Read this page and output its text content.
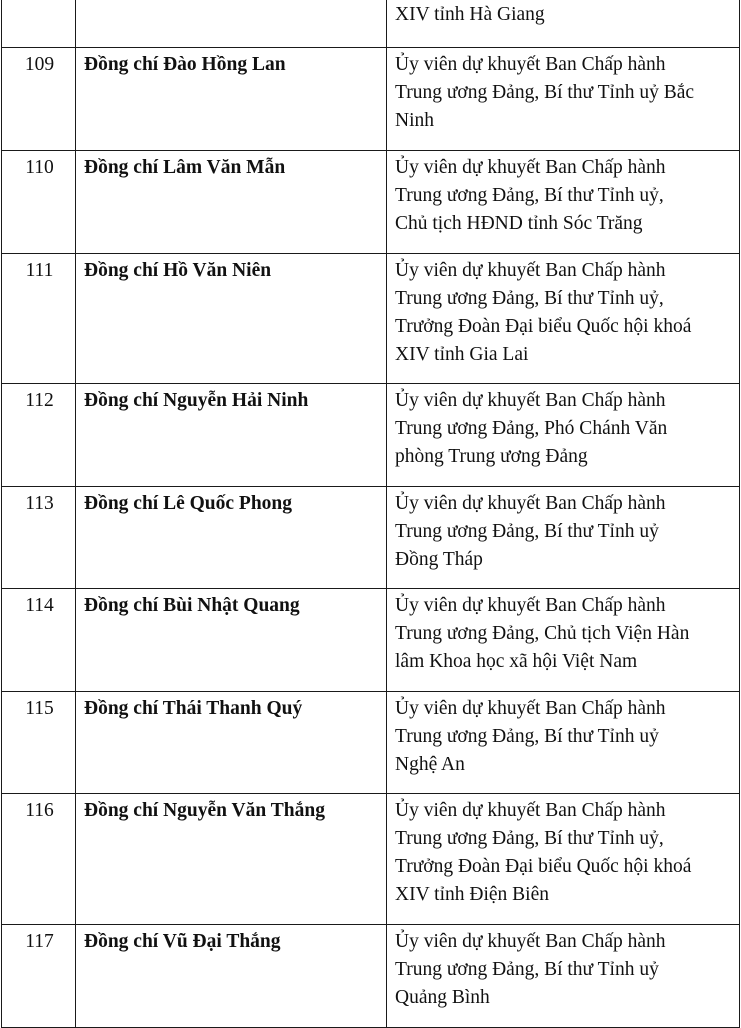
		XIV tỉnh Hà Giang

109	Đồng chí Đào Hồng Lan	Ủy viên dự khuyết Ban Chấp hành
Trung ương Đảng, Bí thư Tỉnh uỷ Bắc
Ninh

110	Đồng chí Lâm Văn Mẫn	Ủy viên dự khuyết Ban Chấp hành
Trung ương Đảng, Bí thư Tỉnh uỷ,
Chủ tịch HĐND tỉnh Sóc Trăng

111	Đồng chí Hồ Văn Niên	Ủy viên dự khuyết Ban Chấp hành
Trung ương Đảng, Bí thư Tỉnh uỷ,
Trưởng Đoàn Đại biểu Quốc hội khoá
XIV tỉnh Gia Lai

112	Đồng chí Nguyễn Hải Ninh	Ủy viên dự khuyết Ban Chấp hành
Trung ương Đảng, Phó Chánh Văn
phòng Trung ương Đảng

113	Đồng chí Lê Quốc Phong	Ủy viên dự khuyết Ban Chấp hành
Trung ương Đảng, Bí thư Tỉnh uỷ
Đồng Tháp

114	Đồng chí Bùi Nhật Quang	Ủy viên dự khuyết Ban Chấp hành
Trung ương Đảng, Chủ tịch Viện Hàn
lâm Khoa học xã hội Việt Nam

115	Đồng chí Thái Thanh Quý	Ủy viên dự khuyết Ban Chấp hành
Trung ương Đảng, Bí thư Tỉnh uỷ
Nghệ An

116	Đồng chí Nguyễn Văn Thắng	Ủy viên dự khuyết Ban Chấp hành
Trung ương Đảng, Bí thư Tỉnh uỷ,
Trưởng Đoàn Đại biểu Quốc hội khoá
XIV tỉnh Điện Biên

117	Đồng chí Vũ Đại Thắng	Ủy viên dự khuyết Ban Chấp hành
Trung ương Đảng, Bí thư Tỉnh uỷ
Quảng Bình
